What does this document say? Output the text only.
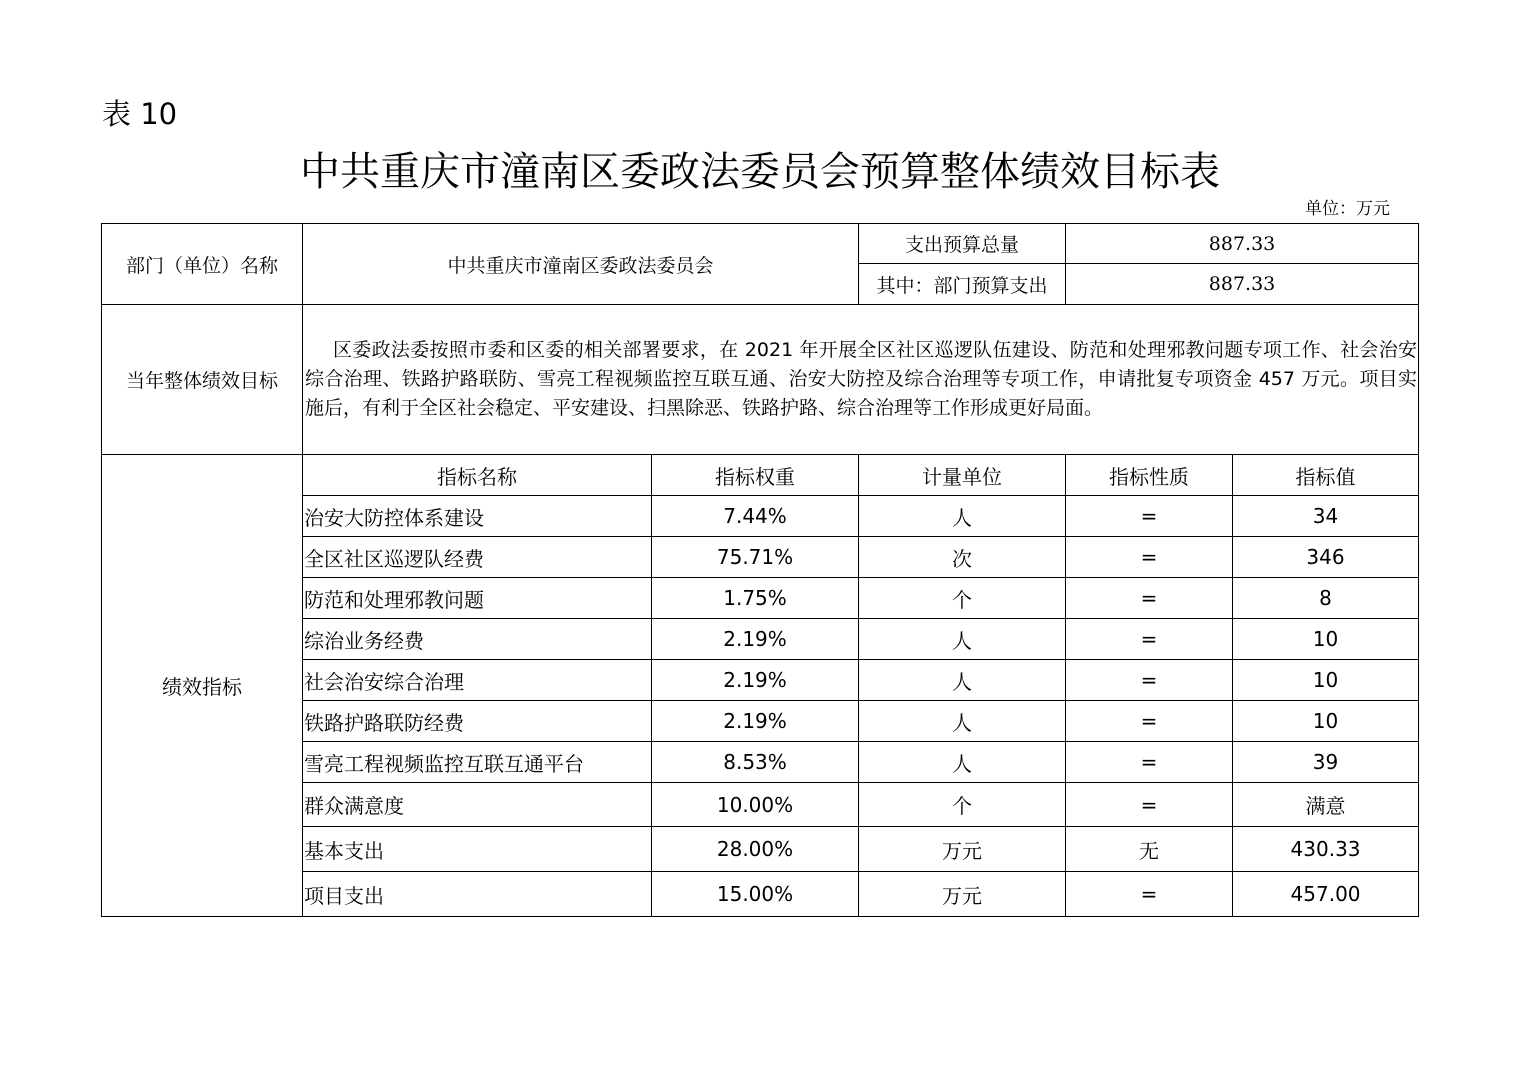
表 10
中共重庆市潼南区委政法委员会预算整体绩效目标表
单位：万元
部门（单位）名称	中共重庆市潼南区委政法委员会		支出预算总量	887.33	
			其中：部门预算支出	887.33	
当年整体绩效目标	区委政法委按照市委和区委的相关部署要求，在 2021 年开展全区社区巡逻队伍建设、防范和处理邪教问题专项工作、社会治安综合治理、铁路护路联防、雪亮工程视频监控互联互通、治安大防控及综合治理等专项工作，申请批复专项资金 457 万元。项目实施后，有利于全区社会稳定、平安建设、扫黑除恶、铁路护路、综合治理等工作形成更好局面。				
绩效指标	指标名称	指标权重	计量单位	指标性质	指标值
	治安大防控体系建设	7.44%	人	=	34
	全区社区巡逻队经费	75.71%	次	=	346
	防范和处理邪教问题	1.75%	个	=	8
	综治业务经费	2.19%	人	=	10
	社会治安综合治理	2.19%	人	=	10
	铁路护路联防经费	2.19%	人	=	10
	雪亮工程视频监控互联互通平台	8.53%	人	=	39
	群众满意度	10.00%	个	=	满意
	基本支出	28.00%	万元	无	430.33
	项目支出	15.00%	万元	=	457.00
